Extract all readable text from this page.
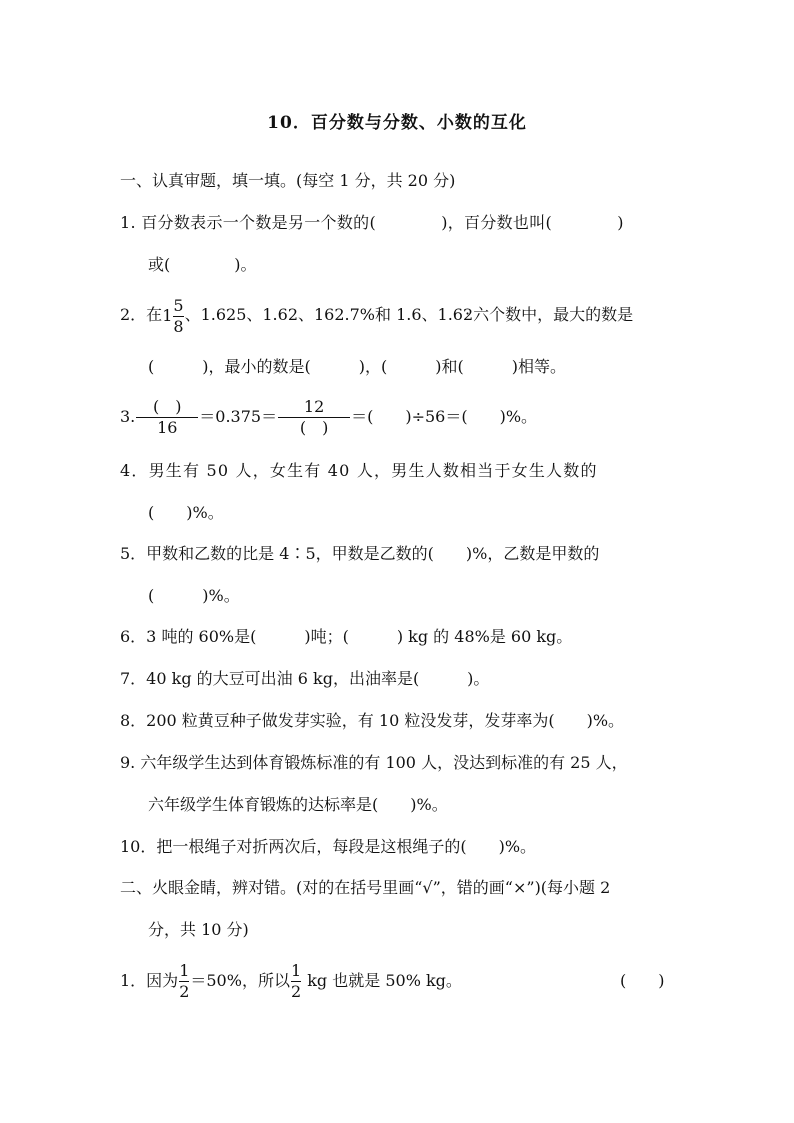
10．百分数与分数、小数的互化
一、认真审题，填一填。(每空 1 分，共 20 分)
1. 百分数表示一个数是另一个数的(　　　　)，百分数也叫(　　　　)
或(　　　　)。
2．在$1 \frac{5}{8}$ 、1.625、1.62、162.7%和 1.6、1.6· 2六个数中，最大的数是
(　　　)，最小的数是(　　　)，(　　　)和(　　　)相等。
3. $\frac{( )}{16} =0.375= \frac{12}{( )}$ ＝(　　)÷56＝(　　)%。
4．男生有 50 人，女生有 40 人，男生人数相当于女生人数的
(　　)%。
5．甲数和乙数的比是 4∶5，甲数是乙数的(　　)%，乙数是甲数的
(　　　)%。
6．3 吨的 60%是(　　　)吨；(　　　) kg 的 48%是 60 kg。
7．40 kg 的大豆可出油 6 kg，出油率是(　　　)。
8．200 粒黄豆种子做发芽实验，有 10 粒没发芽，发芽率为(　　)%。
9. 六年级学生达到体育锻炼标准的有 100 人，没达到标准的有 25 人，
六年级学生体育锻炼的达标率是(　　)%。
10．把一根绳子对折两次后，每段是这根绳子的(　　)%。
二、火眼金睛，辨对错。(对的在括号里画“√”，错的画“×”)(每小题 2
分，共 10 分)
1．因为 $\frac{1}{2} =50\%$，所以 $\frac{1}{2}$ kg 也就是 50% kg。	(　　)
